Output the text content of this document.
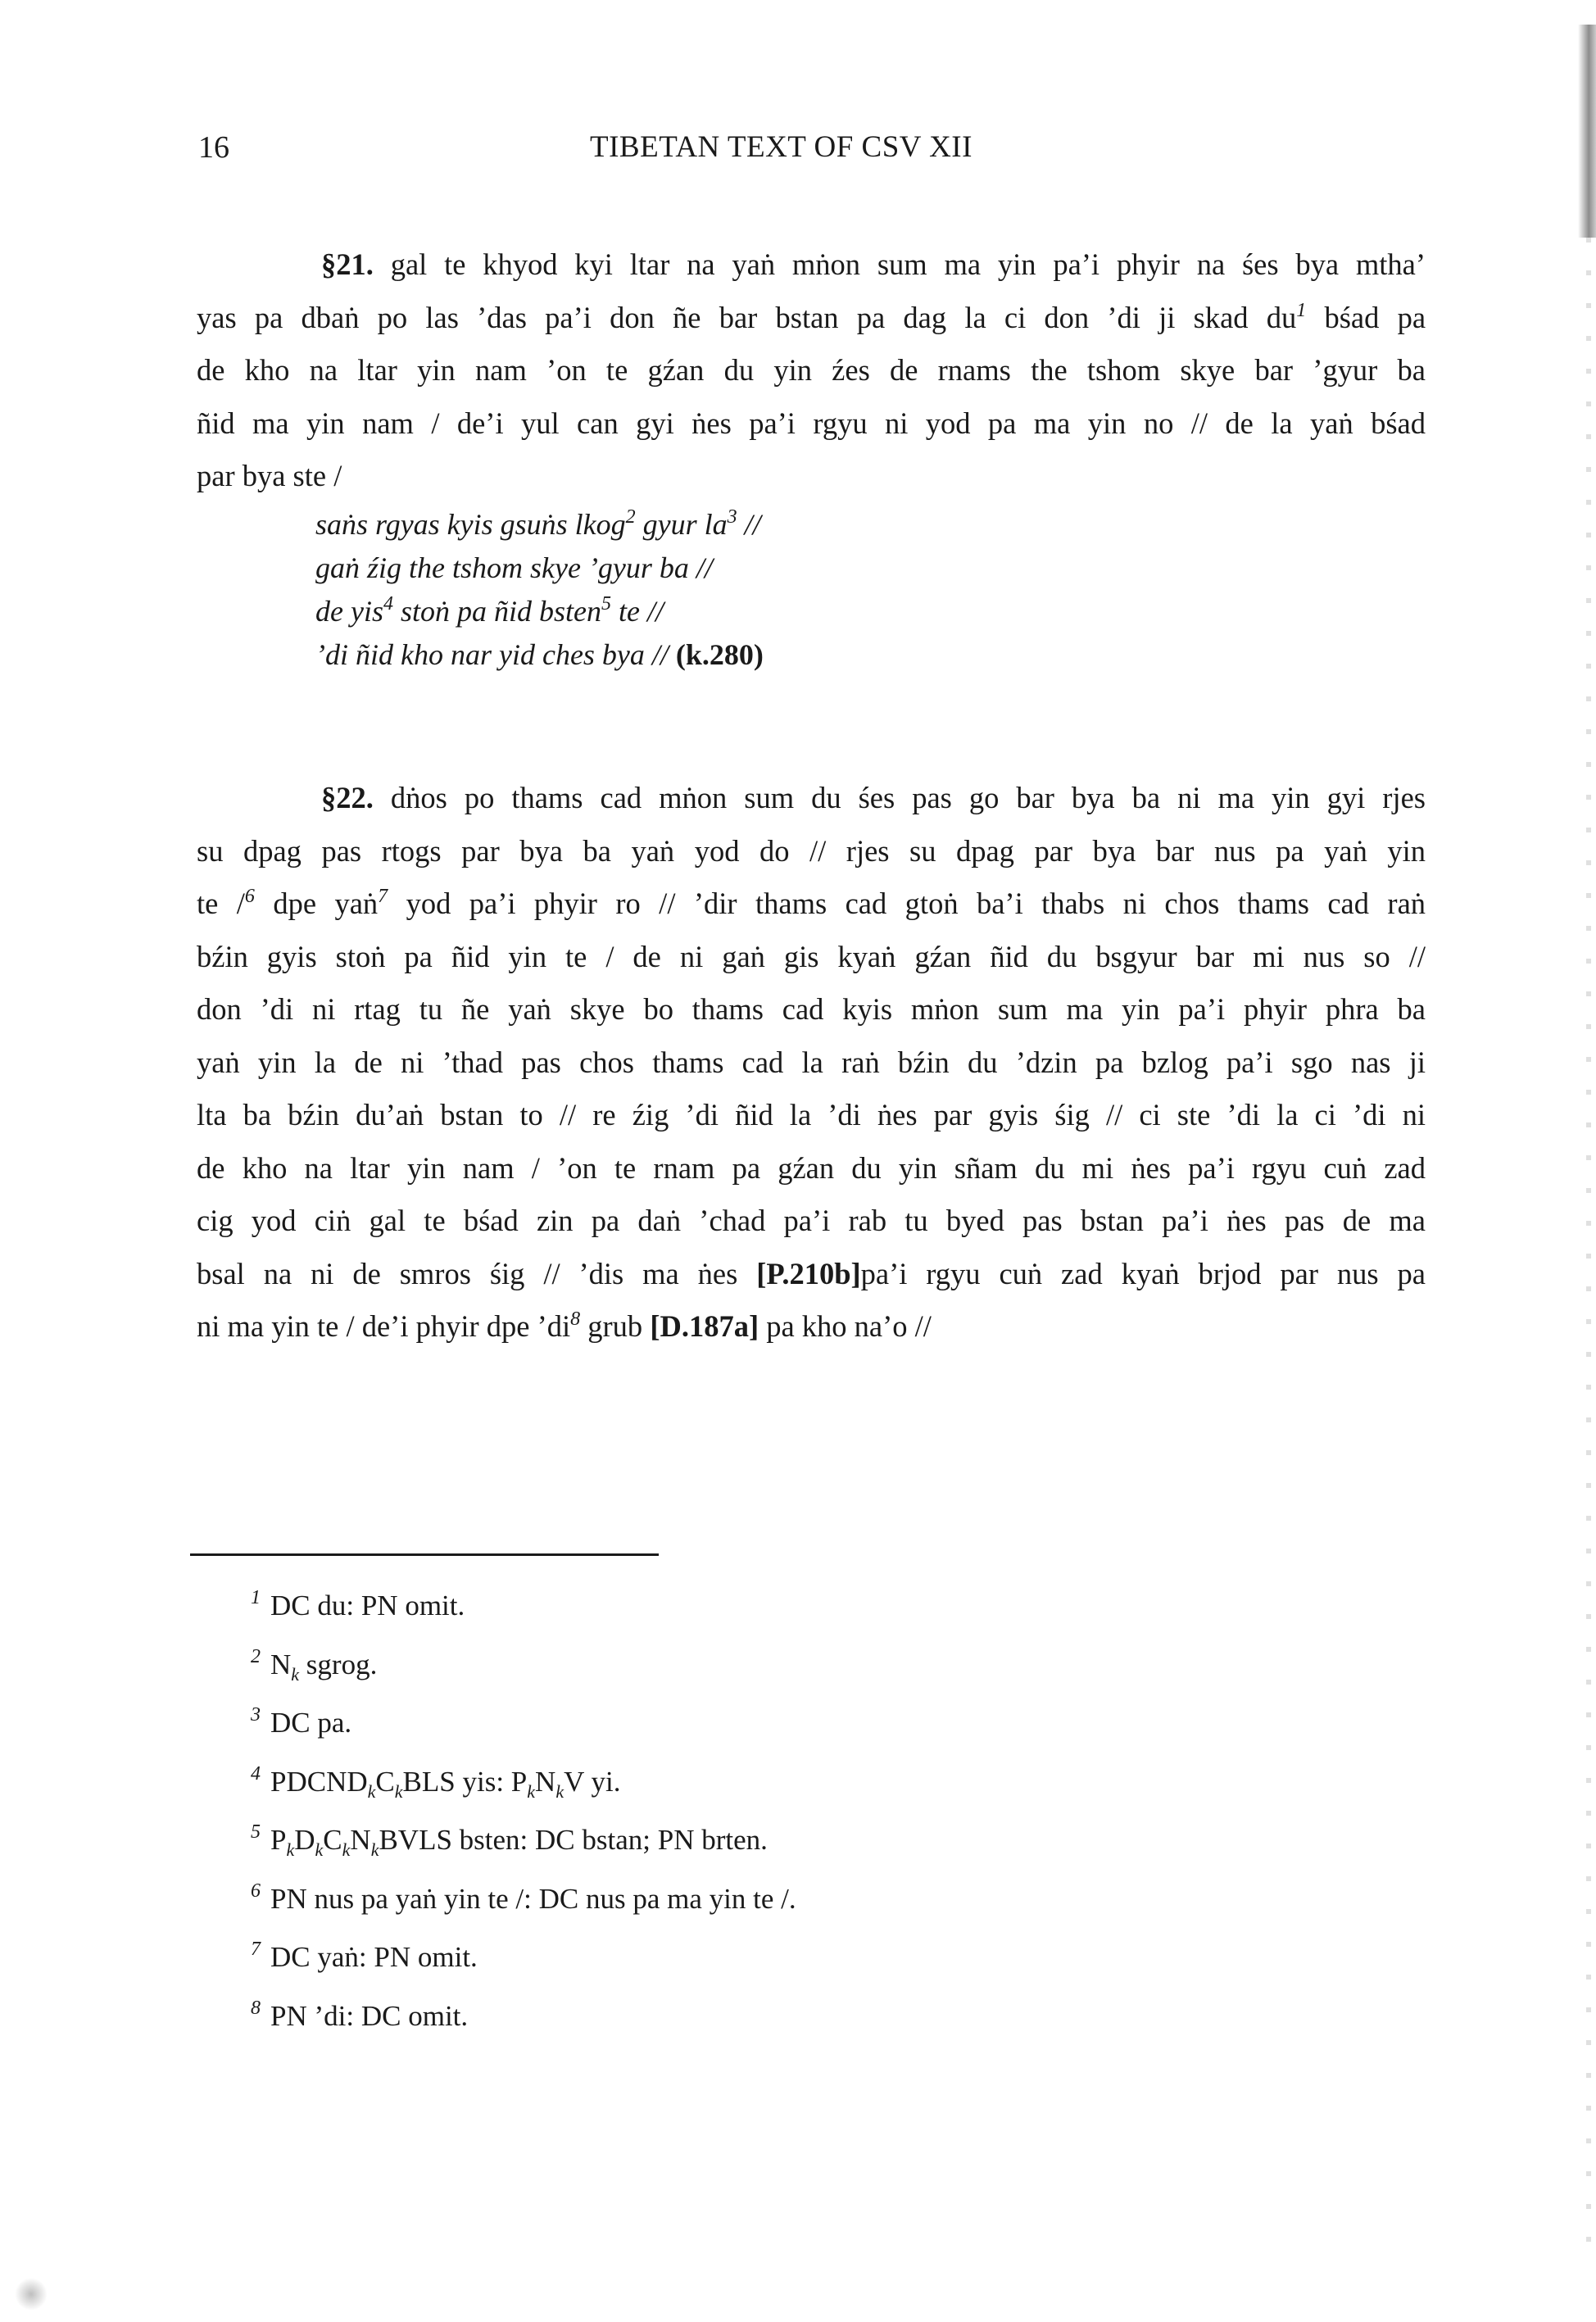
16	TIBETAN TEXT OF CSV XII
§21. gal te khyod kyi ltar na yaṅ mṅon sum ma yin pa’i phyir na śes bya mtha’
yas pa dbaṅ po las ’das pa’i don ñe bar bstan pa dag la ci don ’di ji skad $du^1$ bśad pa
de kho na ltar yin nam ’on te gźan du yin źes de rnams the tshom skye bar ’gyur ba
ñid ma yin nam / de’i yul can gyi ṅes pa’i rgyu ni yod pa ma yin no // de la yaṅ bśad
par bya ste /
saṅs rgyas kyis gsuṅs lkog$^2$ gyur $la^3$ //
gaṅ źig the tshom skye ’gyur ba //
de yis$^4$ stoṅ pa ñid bsten$^5$ te //
’di ñid kho nar yid ches bya // (k.280)
§22. dṅos po thams cad mṅon sum du śes pas go bar bya ba ni ma yin gyi rjes
su dpag pas rtogs par bya ba yaṅ yod do // rjes su dpag par bya bar nus pa yaṅ yin
te /$^6$ dpe yaṅ$^7$ yod pa’i phyir ro // ’dir thams cad gtoṅ ba’i thabs ni chos thams cad raṅ
bźin gyis stoṅ pa ñid yin te / de ni gaṅ gis kyaṅ gźan ñid du bsgyur bar mi nus so //
don ’di ni rtag tu ñe yaṅ skye bo thams cad kyis mṅon sum ma yin pa’i phyir phra ba
yaṅ yin la de ni ’thad pas chos thams cad la raṅ bźin du ’dzin pa bzlog pa’i sgo nas ji
lta ba bźin du’aṅ bstan to // re źig ’di ñid la ’di ṅes par gyis śig // ci ste ’di la ci ’di ni
de kho na ltar yin nam / ’on te rnam pa gźan du yin sñam du mi ṅes pa’i rgyu cuṅ zad
cig yod ciṅ gal te bśad zin pa daṅ ’chad pa’i rab tu byed pas bstan pa’i ṅes pas de ma
bsal na ni de smros śig // ’dis ma ṅes [P.210b]pa’i rgyu cuṅ zad kyaṅ brjod par nus pa
ni ma yin te / de’i phyir dpe $’di^8$ grub [D.187a] pa kho na’o //
$^1$ DC du: PN omit.
$^2$ $N_k$ sgrog.
$^3$ DC pa.
$^4$ $PDCND_kC_kBLS$ yis: $P_kN_kV$ yi.
$^5$ $P_kD_kC_kN_kBVLS$ bsten: DC bstan; PN brten.
$^6$ PN nus pa yaṅ yin te /: DC nus pa ma yin te /.
$^7$ DC yaṅ: PN omit.
$^8$ PN ’di: DC omit.
